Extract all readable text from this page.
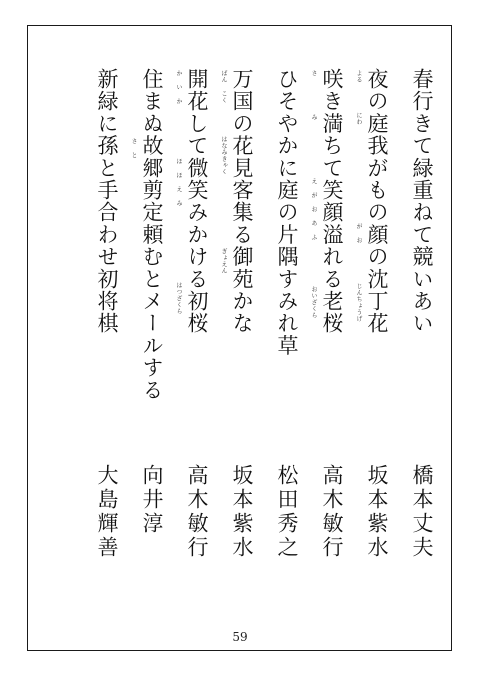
春行きて緑重ねて競いあい
橋本丈夫
夜の庭我がもの顔の沈丁花
坂本紫水
よる
にわ
が お
じんちょうげ
咲き満ちて笑顔溢れる老桜
高木敏行
さ
み
え が お あ ふ
おいざくら
ひそやかに庭の片隅すみれ草
松田秀之
万国の花見客集る御苑かな
坂本紫水
ばん こく
はなみきゃく
ぎょえん
開花して微笑みかける初桜
高木敏行
か い か
ほ ほ え み
はつざくら
住まぬ故郷剪定頼むとメールする
向井淳
さ と
新緑に孫と手合わせ初将棋
大島輝善
59
